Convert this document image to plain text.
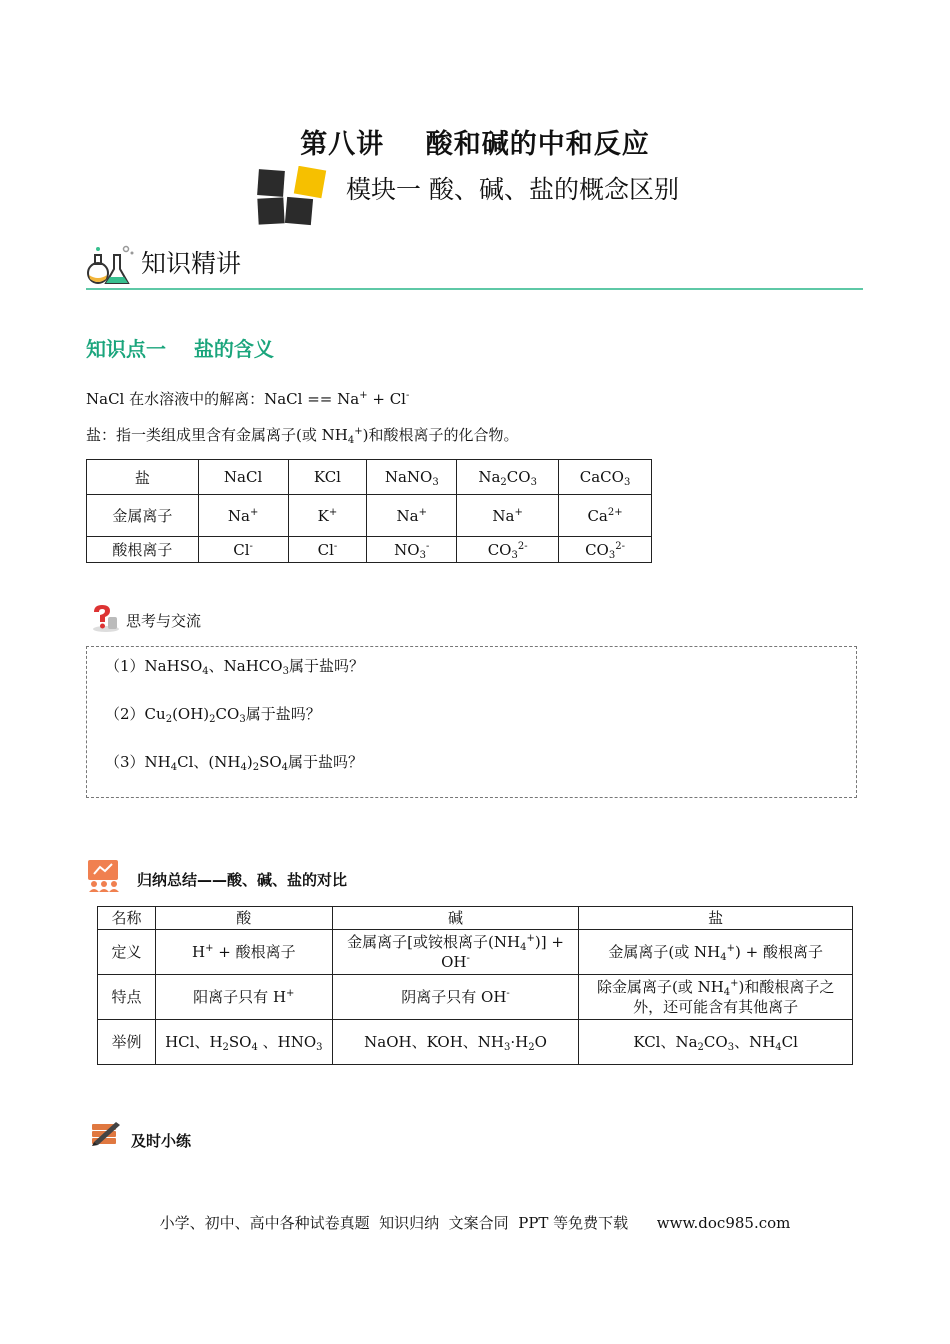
第八讲    酸和碱的中和反应
模块一 酸、碱、盐的概念区别
知识精讲
知识点一    盐的含义
NaCl 在水溶液中的解离：NaCl == Na+ + Cl-
盐：指一类组成里含有金属离子(或 $NH_4^+$)和酸根离子的化合物。
盐	NaCl	KCl	NaNO$_3$	$Na_2CO_3$	CaCO$_3$
金属离子	Na+	K+	Na+	Na+	$Ca^{2+}$
酸根离子	Cl-	Cl-	$NO_3^-$	$CO_3^{2-}$	$CO_3^{2-}$
思考与交流
（1）NaHSO$_4$、NaHCO$_3$属于盐吗？
$(2)Cu_2(OH)_2CO_3$属于盐吗？
$(3)NH_4Cl$、$(NH_4)_2SO_4$属于盐吗？
归纳总结——酸、碱、盐的对比
名称	酸	碱	盐
定义	H+ + 酸根离子	金属离子[或铵根离子$(NH_4^+)$] +
OH-	金属离子(或 $NH_4^+$) + 酸根离子
特点	阳离子只有 H+	阴离子只有 OH-	除金属离子(或 $NH_4^+$)和酸根离子之
外，还可能含有其他离子
举例	HCl、$H_2SO_4$ 、$HNO_3$	NaOH、KOH、$NH_3\cdot H_2O$	KCl、$Na_2CO_3$、$NH_4Cl$
及时小练
小学、初中、高中各种试卷真题  知识归纳  文案合同  PPT 等免费下载      www.doc985.com
